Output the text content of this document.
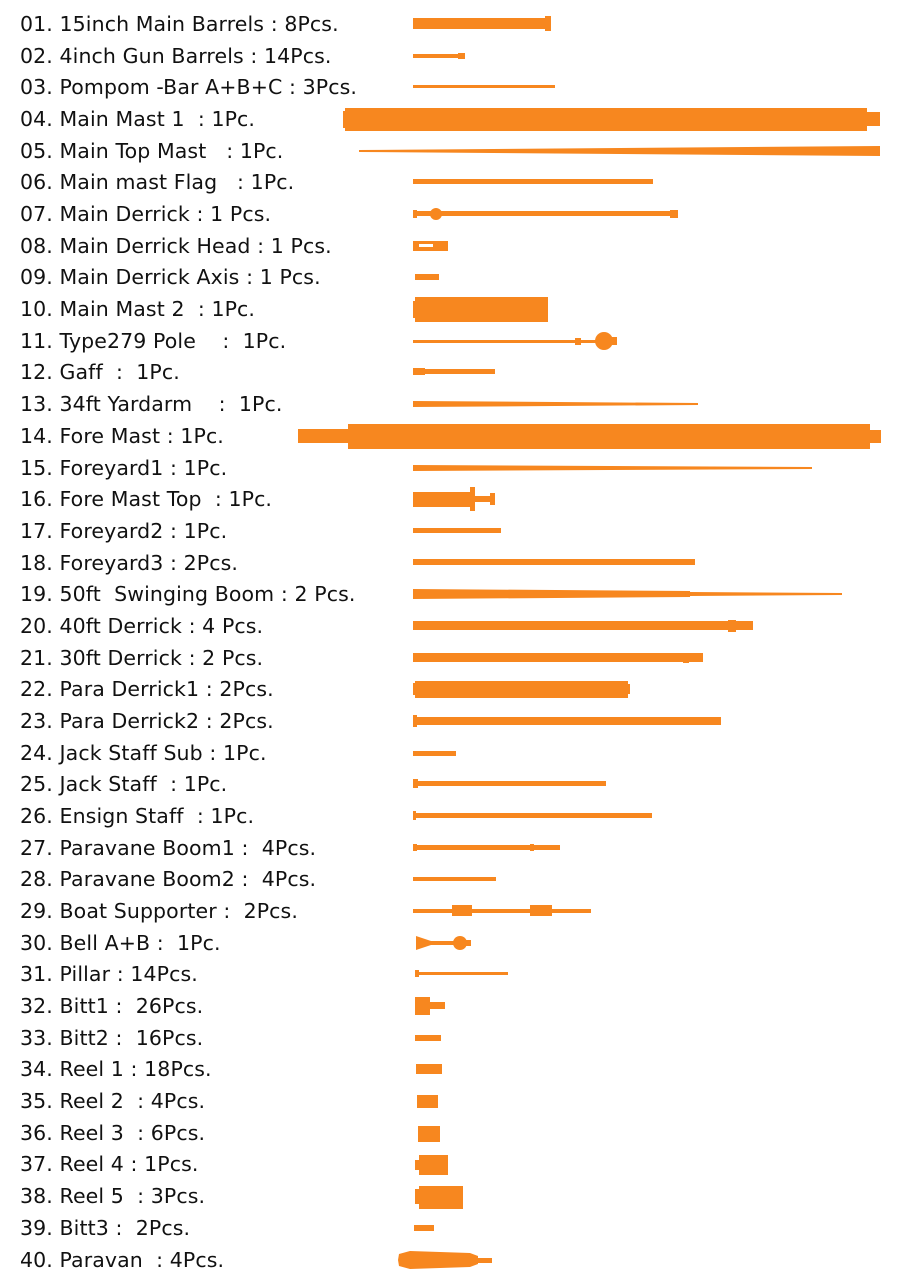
01. 15inch Main Barrels : 8Pcs.
02. 4inch Gun Barrels : 14Pcs.
03. Pompom -Bar A+B+C : 3Pcs.
04. Main Mast 1  : 1Pc.
05. Main Top Mast   : 1Pc.
06. Main mast Flag   : 1Pc.
07. Main Derrick : 1 Pcs.
08. Main Derrick Head : 1 Pcs.
09. Main Derrick Axis : 1 Pcs.
10. Main Mast 2  : 1Pc.
11. Type279 Pole    :  1Pc.
12. Gaff  :  1Pc.
13. 34ft Yardarm    :  1Pc.
14. Fore Mast : 1Pc.
15. Foreyard1 : 1Pc.
16. Fore Mast Top  : 1Pc.
17. Foreyard2 : 1Pc.
18. Foreyard3 : 2Pcs.
19. 50ft  Swinging Boom : 2 Pcs.
20. 40ft Derrick : 4 Pcs.
21. 30ft Derrick : 2 Pcs.
22. Para Derrick1 : 2Pcs.
23. Para Derrick2 : 2Pcs.
24. Jack Staff Sub : 1Pc.
25. Jack Staff  : 1Pc.
26. Ensign Staff  : 1Pc.
27. Paravane Boom1 :  4Pcs.
28. Paravane Boom2 :  4Pcs.
29. Boat Supporter :  2Pcs.
30. Bell A+B :  1Pc.
31. Pillar : 14Pcs.
32. Bitt1 :  26Pcs.
33. Bitt2 :  16Pcs.
34. Reel 1 : 18Pcs.
35. Reel 2  : 4Pcs.
36. Reel 3  : 6Pcs.
37. Reel 4 : 1Pcs.
38. Reel 5  : 3Pcs.
39. Bitt3 :  2Pcs.
40. Paravan  : 4Pcs.
